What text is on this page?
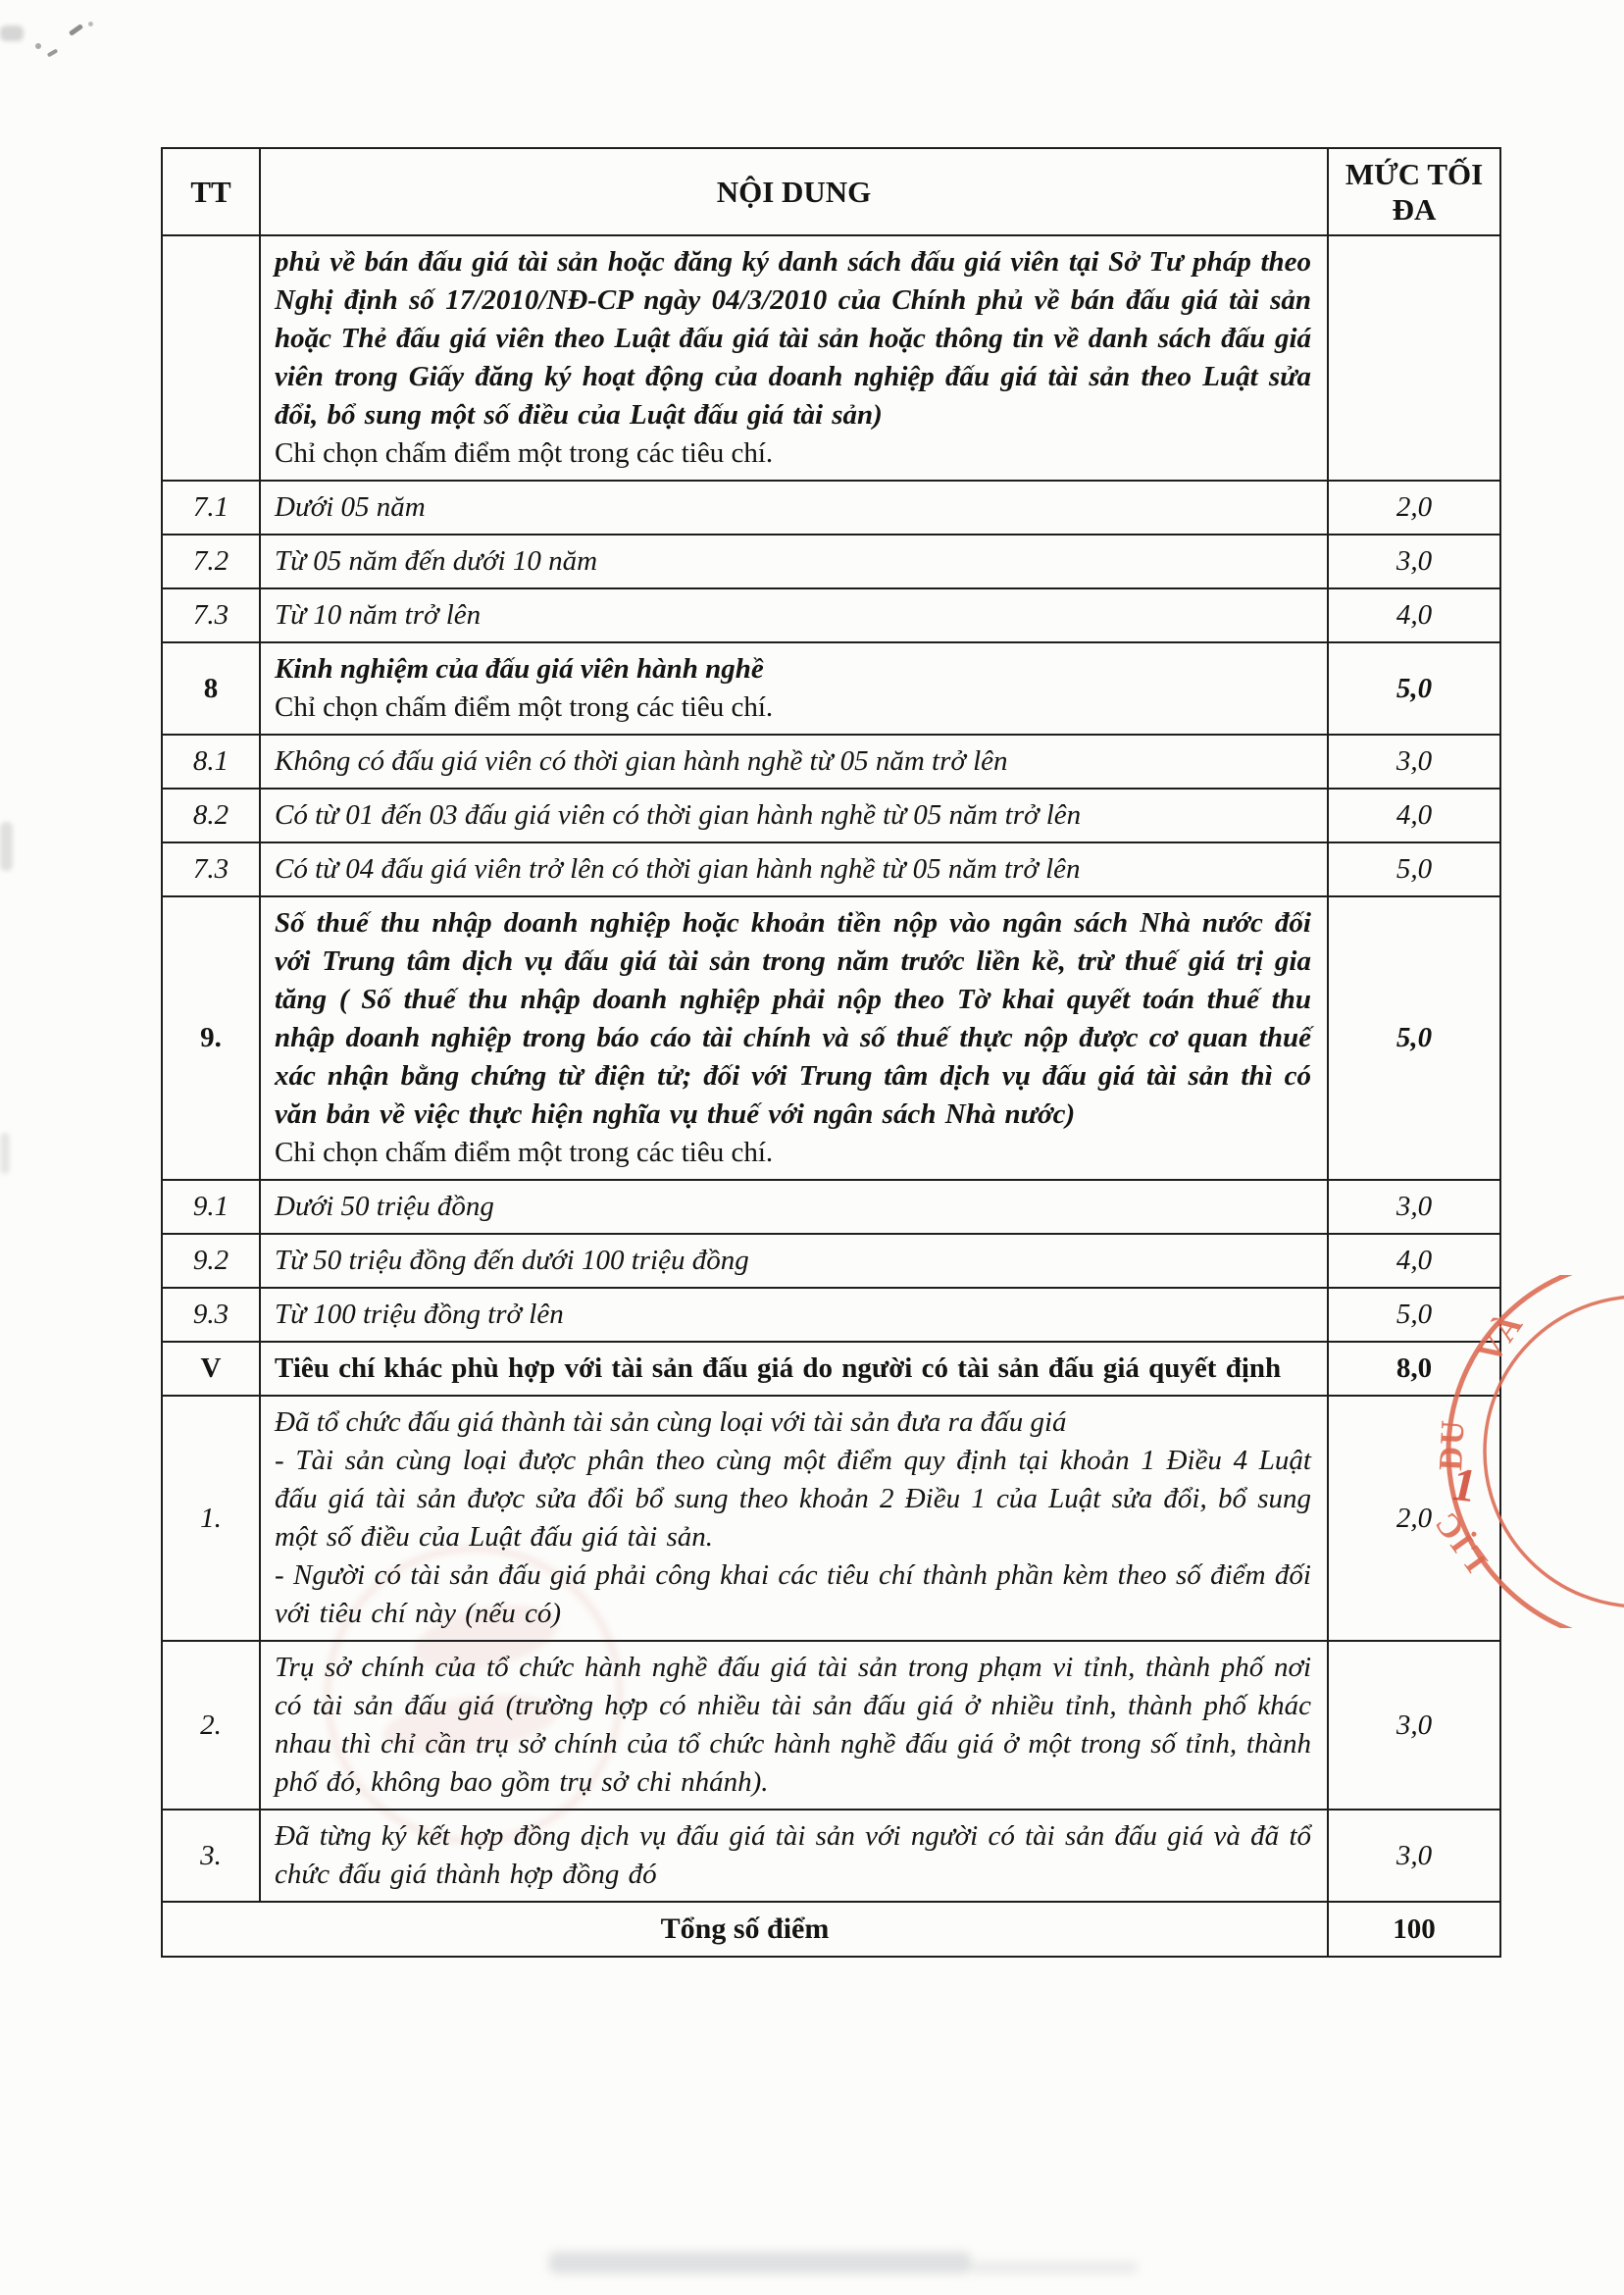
TT	NỘI DUNG	MỨC TỐI ĐA

	phủ về bán đấu giá tài sản hoặc đăng ký danh sách đấu giá viên tại Sở Tư pháp theo Nghị định số 17/2010/NĐ-CP ngày 04/3/2010 của Chính phủ về bán đấu giá tài sản hoặc Thẻ đấu giá viên theo Luật đấu giá tài sản hoặc thông tin về danh sách đấu giá viên trong Giấy đăng ký hoạt động của doanh nghiệp đấu giá tài sản theo Luật sửa đổi, bổ sung một số điều của Luật đấu giá tài sản)
Chỉ chọn chấm điểm một trong các tiêu chí.	

7.1	Dưới 05 năm	2,0
7.2	Từ 05 năm đến dưới 10 năm	3,0
7.3	Từ 10 năm trở lên	4,0
8	Kinh nghiệm của đấu giá viên hành nghề
Chỉ chọn chấm điểm một trong các tiêu chí.	5,0
8.1	Không có đấu giá viên có thời gian hành nghề từ 05 năm trở lên	3,0
8.2	Có từ 01 đến 03 đấu giá viên có thời gian hành nghề từ 05 năm trở lên	4,0
7.3	Có từ 04 đấu giá viên trở lên có thời gian hành nghề từ 05 năm trở lên	5,0
9.	Số thuế thu nhập doanh nghiệp hoặc khoản tiền nộp vào ngân sách Nhà nước đối với Trung tâm dịch vụ đấu giá tài sản trong năm trước liền kề, trừ thuế giá trị gia tăng ( Số thuế thu nhập doanh nghiệp phải nộp theo Tờ khai quyết toán thuế thu nhập doanh nghiệp trong báo cáo tài chính và số thuế thực nộp được cơ quan thuế xác nhận bằng chứng từ điện tử; đối với Trung tâm dịch vụ đấu giá tài sản thì có văn bản về việc thực hiện nghĩa vụ thuế với ngân sách Nhà nước)
Chỉ chọn chấm điểm một trong các tiêu chí.	5,0
9.1	Dưới 50 triệu đồng	3,0
9.2	Từ 50 triệu đồng đến dưới 100 triệu đồng	4,0
9.3	Từ 100 triệu đồng trở lên	5,0
V	Tiêu chí khác phù hợp với tài sản đấu giá do người có tài sản đấu giá quyết định	8,0
1.	Đã tổ chức đấu giá thành tài sản cùng loại với tài sản đưa ra đấu giá
- Tài sản cùng loại được phân theo cùng một điểm quy định tại khoản 1 Điều 4 Luật đấu giá tài sản được sửa đổi bổ sung theo khoản 2 Điều 1 của Luật sửa đổi, bổ sung một số điều của Luật đấu giá tài sản.
- Người có tài sản đấu giá phải công khai các tiêu chí thành phần kèm theo số điểm đối với tiêu chí này (nếu có)	2,0
2.	Trụ sở chính của tổ chức hành nghề đấu giá tài sản trong phạm vi tỉnh, thành phố nơi có tài sản đấu giá (trường hợp có nhiều tài sản đấu giá ở nhiều tỉnh, thành phố khác nhau thì chỉ cần trụ sở chính của tổ chức hành nghề đấu giá ở một trong số tỉnh, thành phố đó, không bao gồm trụ sở chi nhánh).	3,0
3.	Đã từng ký kết hợp đồng dịch vụ đấu giá tài sản với người có tài sản đấu giá và đã tổ chức đấu giá thành hợp đồng đó	3,0
Tổng số điểm		100
VÀ
DU
LỊC
1
